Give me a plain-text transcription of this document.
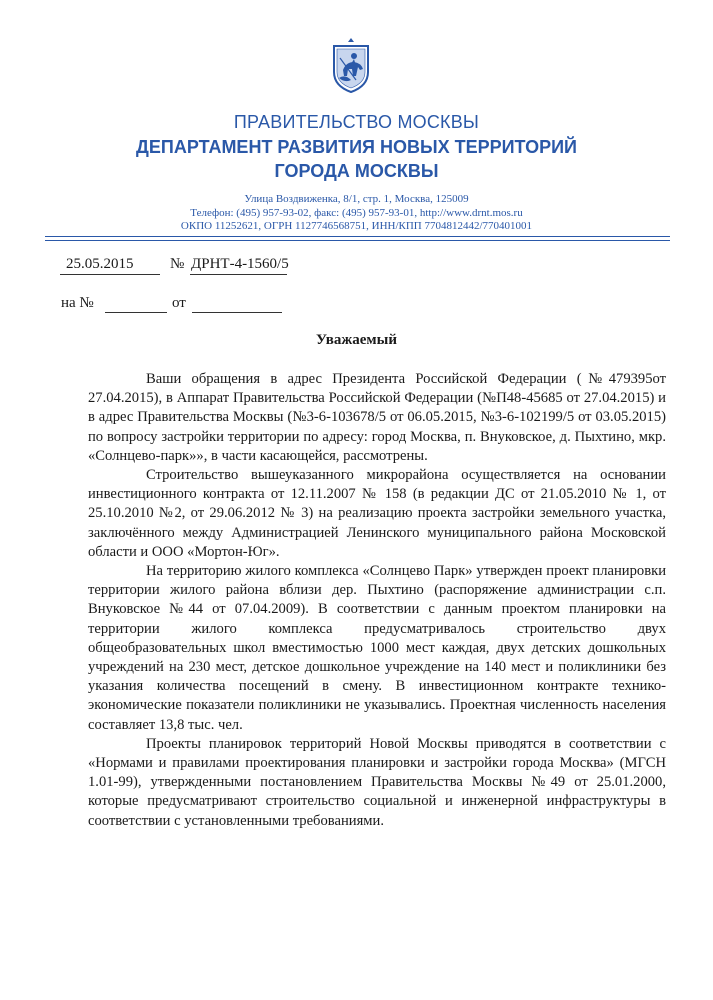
ПРАВИТЕЛЬСТВО МОСКВЫ
ДЕПАРТАМЕНТ РАЗВИТИЯ НОВЫХ ТЕРРИТОРИЙ
ГОРОДА МОСКВЫ
Улица Воздвиженка, 8/1, стр. 1, Москва, 125009
Телефон: (495) 957-93-02, факс: (495) 957-93-01, http://www.drnt.mos.ru
ОКПО 11252621, ОГРН 1127746568751, ИНН/КПП 7704812442/770401001
25.05.2015 № ДРНТ-4-1560/5
на №	от
Уважаемый

Ваши обращения в адрес Президента Российской Федерации (№479395от 27.04.2015), в Аппарат Правительства Российской Федерации (№П48-45685 от 27.04.2015) и в адрес Правительства Москвы (№3-6-103678/5 от 06.05.2015, №3-6-102199/5 от 03.05.2015) по вопросу застройки территории по адресу: город Москва, п. Внуковское, д. Пыхтино, мкр. «Солнцево-парк»», в части касающейся, рассмотрены.

Строительство вышеуказанного микрорайона осуществляется на основании инвестиционного контракта от 12.11.2007 № 158 (в редакции ДС от 21.05.2010 № 1, от 25.10.2010 №2, от 29.06.2012 № 3) на реализацию проекта застройки земельного участка, заключённого между Администрацией Ленинского муниципального района Московской области и ООО «Мортон-Юг».

На территорию жилого комплекса «Солнцево Парк» утвержден проект планировки территории жилого района вблизи дер. Пыхтино (распоряжение администрации с.п. Внуковское №44 от 07.04.2009). В соответствии с данным проектом планировки на территории жилого комплекса предусматривалось строительство двух общеобразовательных школ вместимостью 1000 мест каждая, двух детских дошкольных учреждений на 230 мест, детское дошкольное учреждение на 140 мест и поликлиники без указания количества посещений в смену. В инвестиционном контракте технико-экономические показатели поликлиники не указывались. Проектная численность населения составляет 13,8 тыс. чел.

Проекты планировок территорий Новой Москвы приводятся в соответствии с «Нормами и правилами проектирования планировки и застройки города Москва» (МГСН 1.01-99), утвержденными постановлением Правительства Москвы №49 от 25.01.2000, которые предусматривают строительство социальной и инженерной инфраструктуры в соответствии с установленными требованиями.
